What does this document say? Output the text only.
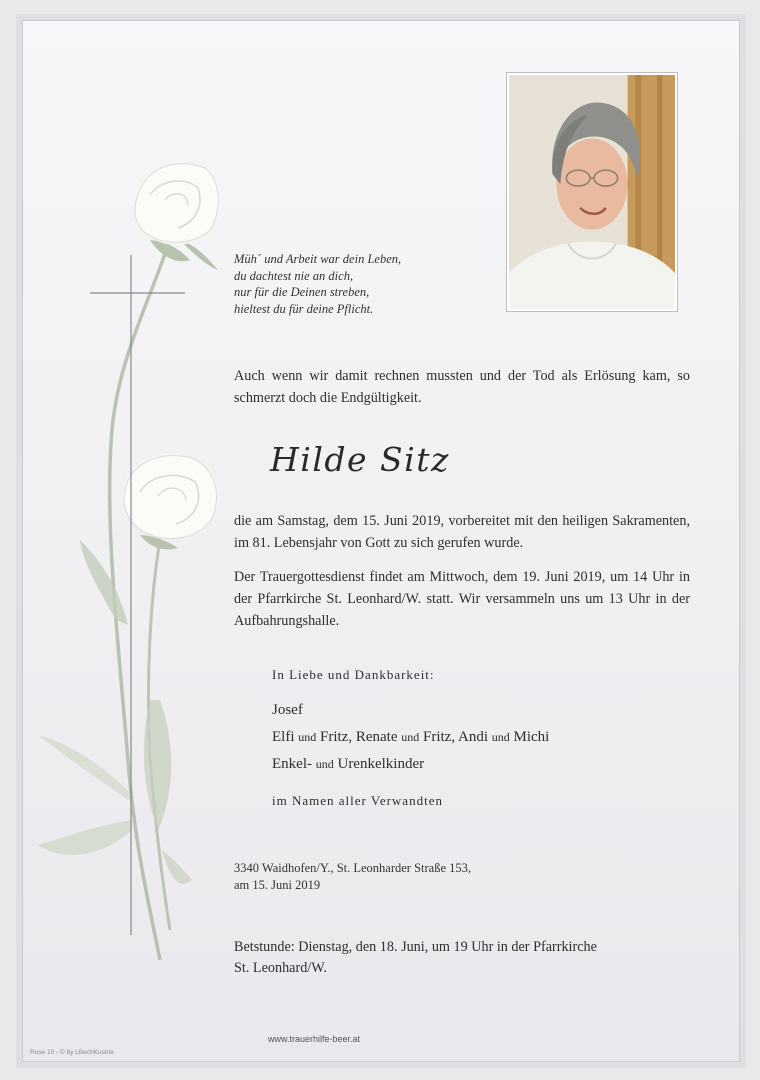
Müh´ und Arbeit war dein Leben,
du dachtest nie an dich,
nur für die Deinen streben,
hieltest du für deine Pflicht.
Auch wenn wir damit rechnen mussten und der Tod als Erlösung kam, so schmerzt doch die Endgültigkeit.
Hilde Sitz
die am Samstag, dem 15. Juni 2019, vorbereitet mit den heiligen Sakramenten, im 81. Lebensjahr von Gott zu sich gerufen wurde.
Der Trauergottesdienst findet am Mittwoch, dem 19. Juni 2019, um 14 Uhr in der Pfarrkirche St. Leonhard/W. statt. Wir versammeln uns um 13 Uhr in der Aufbahrungshalle.
In Liebe und Dankbarkeit:
Josef
Elfi und Fritz, Renate und Fritz, Andi und Michi
Enkel- und Urenkelkinder
im Namen aller Verwandten
3340 Waidhofen/Y., St. Leonharder Straße 153,
am 15. Juni 2019
Betstunde: Dienstag, den 18. Juni, um 19 Uhr in der Pfarrkirche
St. Leonhard/W.
www.trauerhilfe-beer.at
Rose 10 - © by LBechKustrie
